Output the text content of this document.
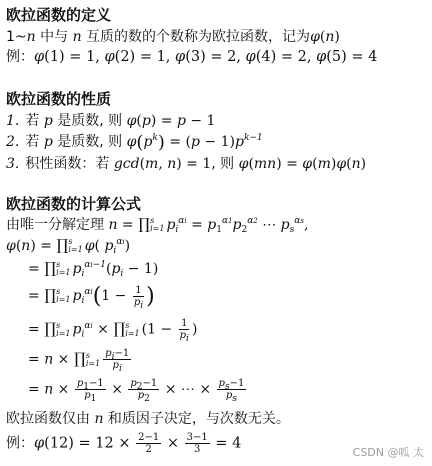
欧拉函数的定义
1~n 中与 n 互质的数的个数称为欧拉函数，记为φ(n)
例：φ(1) = 1, φ(2) = 1, φ(3) = 2, φ(4) = 2, φ(5) = 4
欧拉函数的性质
1. 若 p 是质数, 则 φ(p) = p − 1
2. 若 p 是质数, 则 $\varphi(p^k) = (p - 1)p^{k-1}$
3. 积性函数：若 gcd(m, n) = 1, 则 φ(mn) = φ(m)φ(n)
欧拉函数的计算公式
由唯一分解定理 n = ∏ s
i=1 $p_i^{\alpha i} = p_1^{\alpha 1}p_2^{\alpha 2}$ ⋯ $p_s^{\alpha s}$,
φ(n) = ∏ s
i=1 φ( $p_i^{\alpha i}$)
= ∏ s
i=1 $p_i^{\alpha i-1}(p_i - 1)$
= ∏ s
i=1 $p_i^{\alpha i}(1 - \frac{1}{p_i}$ )
= ∏ s
i=1 $p_i^{\alpha i}$ × ∏ s
i=1 ($1 - \frac{1}{p_i}$ )
= n × ∏ s
$i=1 \frac{p_i-1}{p_i}$
= $n \times \frac{p_1-1}{p_1} \times \frac{p_2-1}{p_2}$ × ⋯ × $\frac{p_s-1}{p_s}$
欧拉函数仅由 n 和质因子决定，与次数无关。
例：$\varphi(12) = 12 \times \frac{2-1}{2} \times \frac{3-1}{3} = 4$
CSDN @呱 太
